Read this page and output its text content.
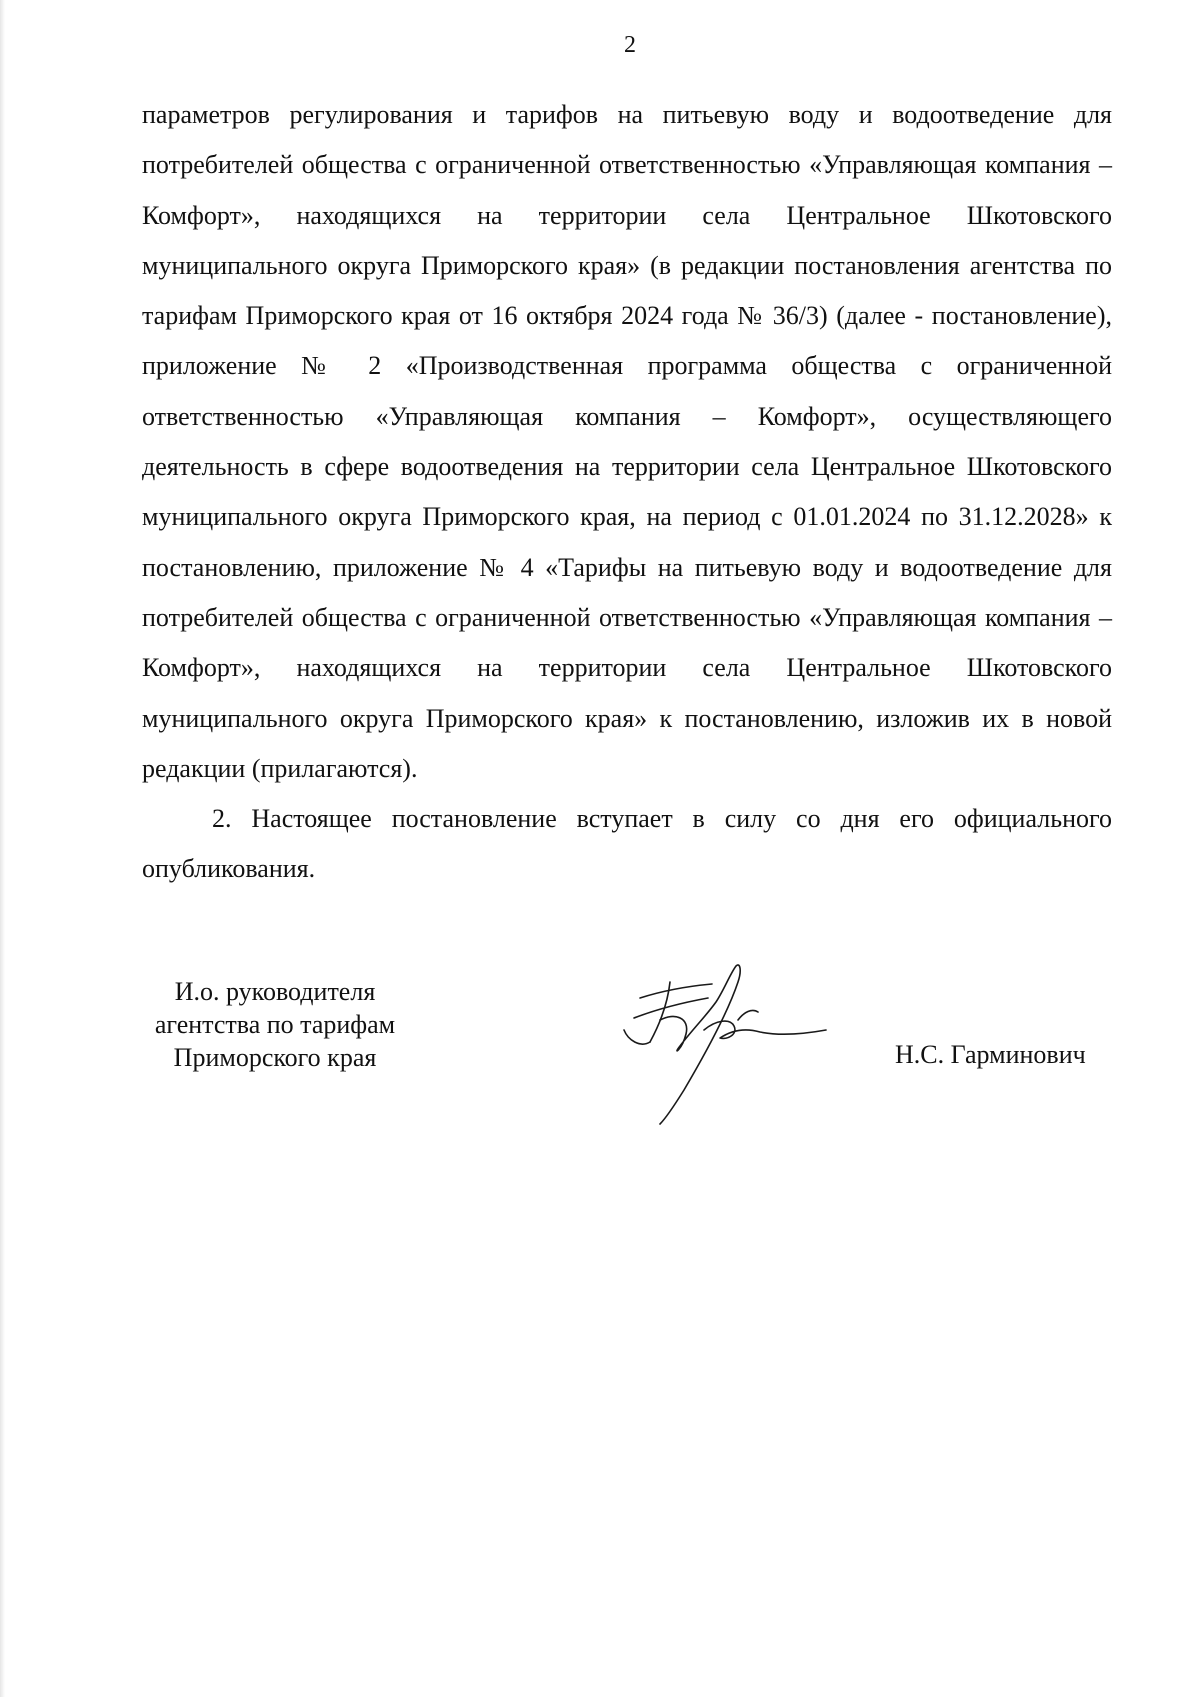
2

параметров регулирования и тарифов на питьевую воду и водоотведение для потребителей общества с ограниченной ответственностью «Управляющая компания – Комфорт», находящихся на территории села Центральное Шкотовского муниципального округа Приморского края» (в редакции постановления агентства по тарифам Приморского края от 16 октября 2024 года № 36/3) (далее - постановление), приложение № 2 «Производственная программа общества с ограниченной ответственностью «Управляющая компания – Комфорт», осуществляющего деятельность в сфере водоотведения на территории села Центральное Шкотовского муниципального округа Приморского края, на период с 01.01.2024 по 31.12.2028» к постановлению, приложение № 4 «Тарифы на питьевую воду и водоотведение для потребителей общества с ограниченной ответственностью «Управляющая компания – Комфорт», находящихся на территории села Центральное Шкотовского муниципального округа Приморского края» к постановлению, изложив их в новой редакции (прилагаются).

2. Настоящее постановление вступает в силу со дня его официального опубликования.

И.о. руководителя
агентства по тарифам
Приморского края	Н.С. Гарминович
